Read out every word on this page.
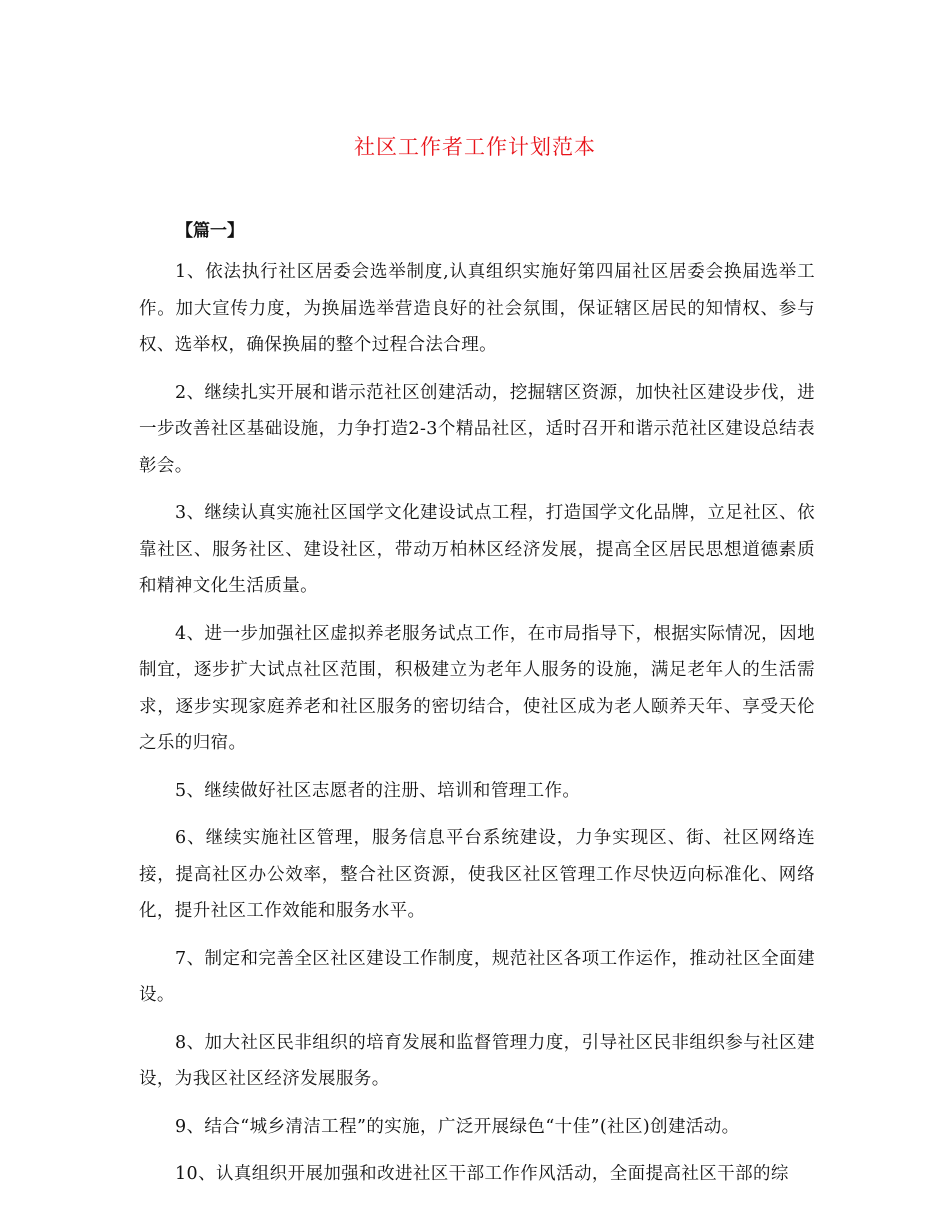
社区工作者工作计划范本
【篇一】

1、依法执行社区居委会选举制度,认真组织实施好第四届社区居委会换届选举工作。加大宣传力度，为换届选举营造良好的社会氛围，保证辖区居民的知情权、参与权、选举权，确保换届的整个过程合法合理。

2、继续扎实开展和谐示范社区创建活动，挖掘辖区资源，加快社区建设步伐，进一步改善社区基础设施，力争打造2-3个精品社区，适时召开和谐示范社区建设总结表彰会。

3、继续认真实施社区国学文化建设试点工程，打造国学文化品牌，立足社区、依靠社区、服务社区、建设社区，带动万柏林区经济发展，提高全区居民思想道德素质和精神文化生活质量。

4、进一步加强社区虚拟养老服务试点工作，在市局指导下，根据实际情况，因地制宜，逐步扩大试点社区范围，积极建立为老年人服务的设施，满足老年人的生活需求，逐步实现家庭养老和社区服务的密切结合，使社区成为老人颐养天年、享受天伦之乐的归宿。

5、继续做好社区志愿者的注册、培训和管理工作。

6、继续实施社区管理，服务信息平台系统建设，力争实现区、街、社区网络连接，提高社区办公效率，整合社区资源，使我区社区管理工作尽快迈向标准化、网络化，提升社区工作效能和服务水平。

7、制定和完善全区社区建设工作制度，规范社区各项工作运作，推动社区全面建设。

8、加大社区民非组织的培育发展和监督管理力度，引导社区民非组织参与社区建设，为我区社区经济发展服务。

9、结合“城乡清洁工程”的实施，广泛开展绿色“十佳”(社区)创建活动。

10、认真组织开展加强和改进社区干部工作作风活动，全面提高社区干部的综
